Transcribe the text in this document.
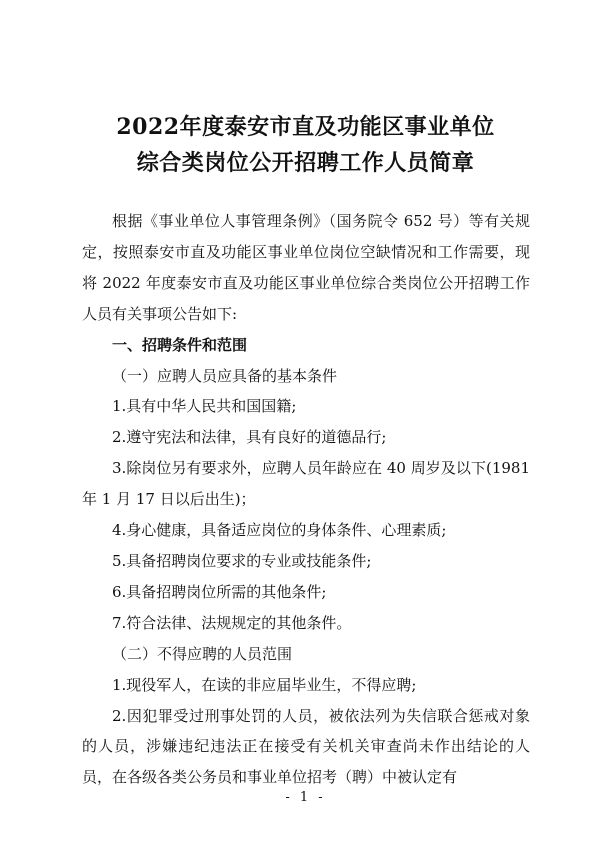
2022年度泰安市直及功能区事业单位
综合类岗位公开招聘工作人员简章

根据《事业单位人事管理条例》（国务院令 652 号）等有关规定，按照泰安市直及功能区事业单位岗位空缺情况和工作需要，现将 2022 年度泰安市直及功能区事业单位综合类岗位公开招聘工作人员有关事项公告如下:

一、招聘条件和范围

（一）应聘人员应具备的基本条件

1.具有中华人民共和国国籍;

2.遵守宪法和法律，具有良好的道德品行;

3.除岗位另有要求外，应聘人员年龄应在 40 周岁及以下(1981 年 1 月 17 日以后出生)；

4.身心健康，具备适应岗位的身体条件、心理素质;

5.具备招聘岗位要求的专业或技能条件;

6.具备招聘岗位所需的其他条件;

7.符合法律、法规规定的其他条件。

（二）不得应聘的人员范围

1.现役军人，在读的非应届毕业生，不得应聘;

2.因犯罪受过刑事处罚的人员，被依法列为失信联合惩戒对象的人员，涉嫌违纪违法正在接受有关机关审查尚未作出结论的人员，在各级各类公务员和事业单位招考（聘）中被认定有

- 1 -
